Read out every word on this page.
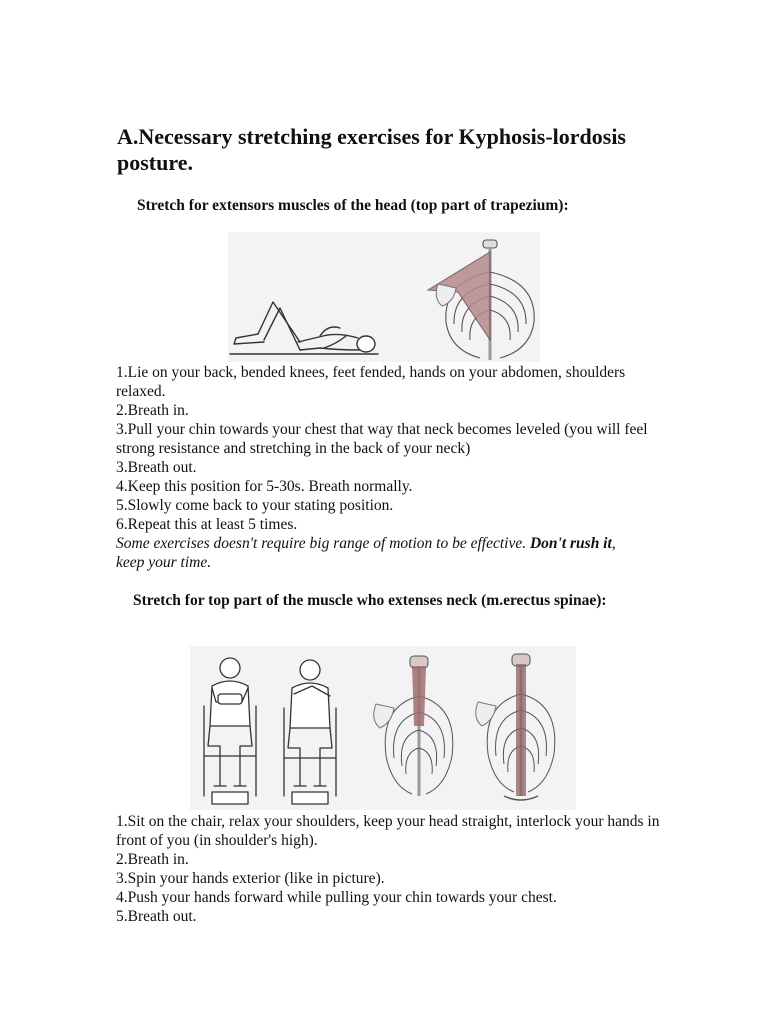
A.Necessary stretching exercises for Kyphosis-lordosis posture.

Stretch for extensors muscles of the head (top part of trapezium):

1.Lie on your back, bended knees, feet fended, hands on your abdomen, shoulders relaxed.
2.Breath in.
3.Pull your chin towards your chest that way that neck becomes leveled (you will feel strong resistance and stretching in the back of your neck)
3.Breath out.
4.Keep this position for 5-30s. Breath normally.
5.Slowly come back to your stating position.
6.Repeat this at least 5 times.

Some exercises doesn't require big range of motion to be effective. Don't rush it, keep your time.

Stretch for top part of the muscle who extenses neck (m.erectus spinae):

1.Sit on the chair, relax your shoulders, keep your head straight, interlock your hands in front of you (in shoulder's high).
2.Breath in.
3.Spin your hands exterior (like in picture).
4.Push your hands forward while pulling your chin towards your chest.
5.Breath out.
